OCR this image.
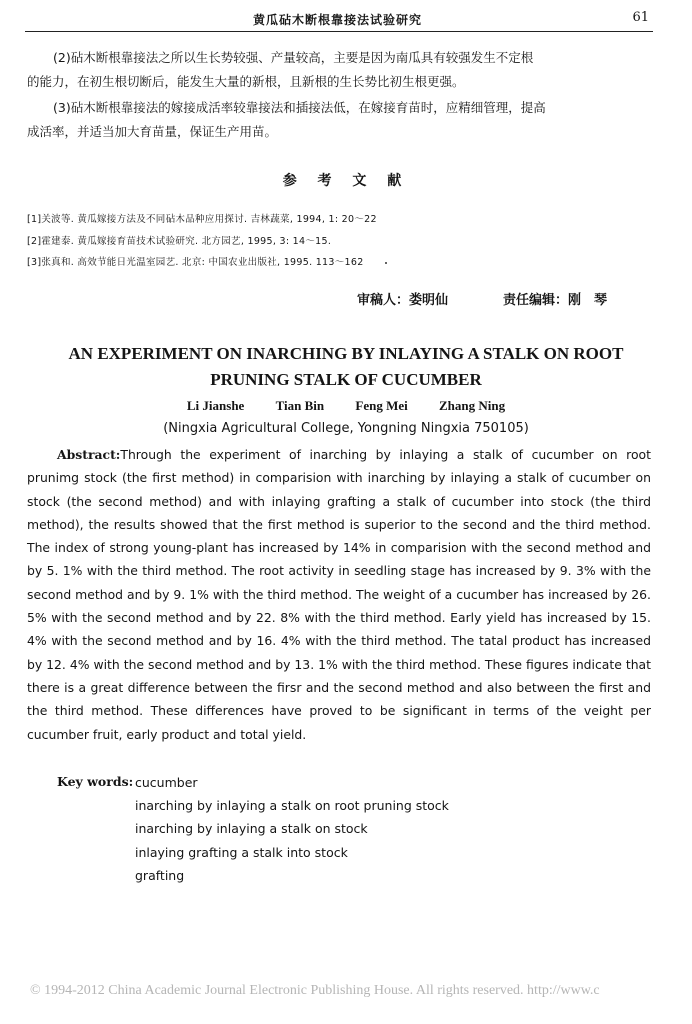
黄瓜砧木断根靠接法试验研究	61
(2)砧木断根靠接法之所以生长势较强、产量较高，主要是因为南瓜具有较强发生不定根
的能力，在初生根切断后，能发生大量的新根，且新根的生长势比初生根更强。
(3)砧木断根靠接法的嫁接成活率较靠接法和插接法低，在嫁接育苗时，应精细管理，提高
成活率，并适当加大育苗量，保证生产用苗。
参 考 文 献
[1]关波等. 黄瓜嫁接方法及不同砧木品种应用探讨. 吉林蔬菜, 1994, 1: 20～22
[2]霍建泰. 黄瓜嫁接育苗技术试验研究. 北方园艺, 1995, 3: 14～15.
[3]张真和. 高效节能日光温室园艺. 北京: 中国农业出版社, 1995. 113～162
审稿人：娄明仙	责任编辑：刚　琴
AN EXPERIMENT ON INARCHING BY INLAYING A STALK ON ROOT
PRUNING STALK OF CUCUMBER
Li Jianshe Tian Bin Feng Mei Zhang Ning
(Ningxia Agricultural College, Yongning Ningxia 750105)
Abstract:Through the experiment of inarching by inlaying a stalk of cucumber on root prunimg stock (the first method) in comparision with inarching by inlaying a stalk of cucumber on stock (the second method) and with inlaying grafting a stalk of cucumber into stock (the third method), the results showed that the first method is superior to the second and the third method. The index of strong young-plant has increased by 14% in comparision with the second method and by 5. 1% with the third method. The root activity in seedling stage has increased by 9. 3% with the second method and by 9. 1% with the third method. The weight of a cucumber has increased by 26. 5% with the second method and by 22. 8% with the third method. Early yield has increased by 15. 4% with the second method and by 16. 4% with the third method. The tatal product has increased by 12. 4% with the second method and by 13. 1% with the third method. These figures indicate that there is a great difference between the firsr and the second method and also between the first and the third method. These differences have proved to be significant in terms of the veight per cucumber fruit, early product and total yield.
Key words: cucumber
inarching by inlaying a stalk on root pruning stock
inarching by inlaying a stalk on stock
inlaying grafting a stalk into stock
grafting
© 1994-2012 China Academic Journal Electronic Publishing House. All rights reserved. http://www.c
